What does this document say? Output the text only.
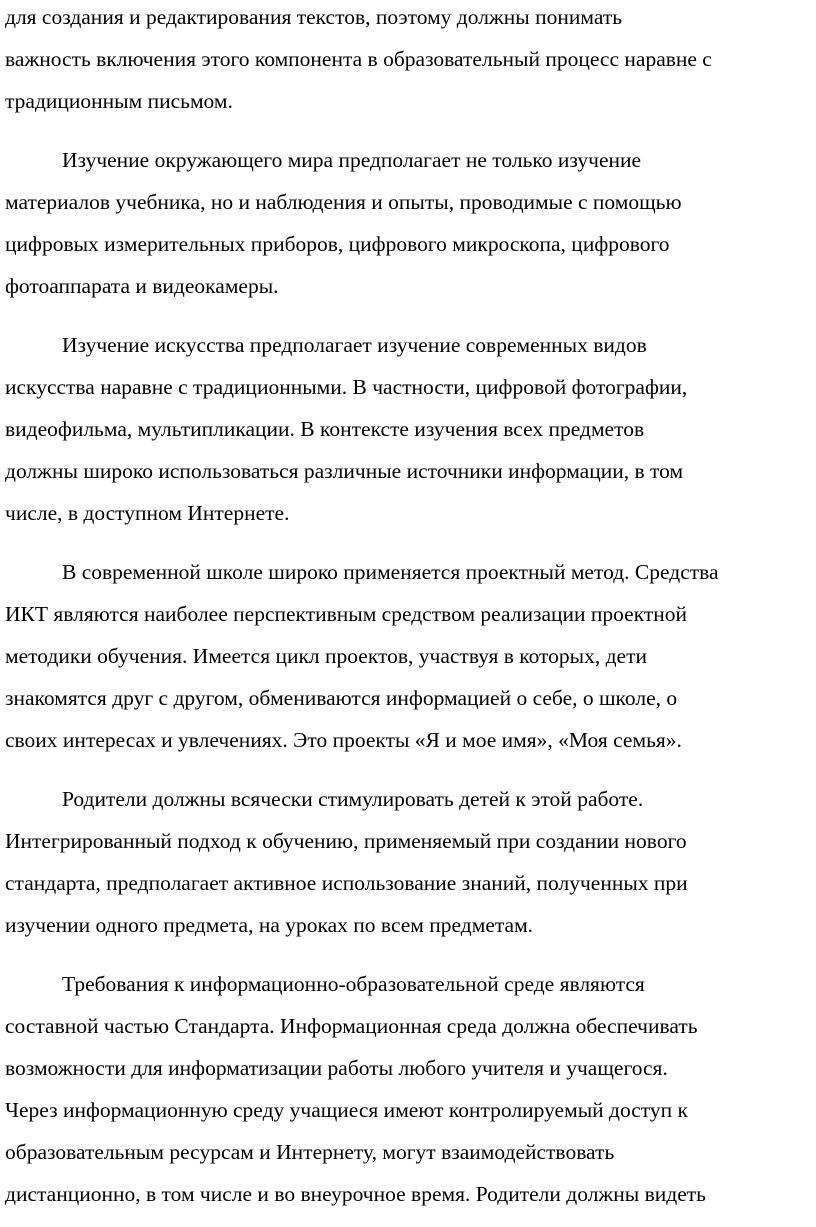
для создания и редактирования текстов, поэтому должны понимать
важность включения этого компонента в образовательный процесс наравне с
традиционным письмом.
Изучение окружающего мира предполагает не только изучение
материалов учебника, но и наблюдения и опыты, проводимые с помощью
цифровых измерительных приборов, цифрового микроскопа, цифрового
фотоаппарата и видеокамеры.
Изучение искусства предполагает изучение современных видов
искусства наравне с традиционными. В частности, цифровой фотографии,
видеофильма, мультипликации. В контексте изучения всех предметов
должны широко использоваться различные источники информации, в том
числе, в доступном Интернете.
В современной школе широко применяется проектный метод. Средства
ИКТ являются наиболее перспективным средством реализации проектной
методики обучения. Имеется цикл проектов, участвуя в которых, дети
знакомятся друг с другом, обмениваются информацией о себе, о школе, о
своих интересах и увлечениях. Это проекты «Я и мое имя», «Моя семья».
Родители должны всячески стимулировать детей к этой работе.
Интегрированный подход к обучению, применяемый при создании нового
стандарта, предполагает активное использование знаний, полученных при
изучении одного предмета, на уроках по всем предметам.
Требования к информационно-образовательной среде являются
составной частью Стандарта. Информационная среда должна обеспечивать
возможности для информатизации работы любого учителя и учащегося.
Через информационную среду учащиеся имеют контролируемый доступ к
образовательным ресурсам и Интернету, могут взаимодействовать
дистанционно, в том числе и во внеурочное время. Родители должны видеть
